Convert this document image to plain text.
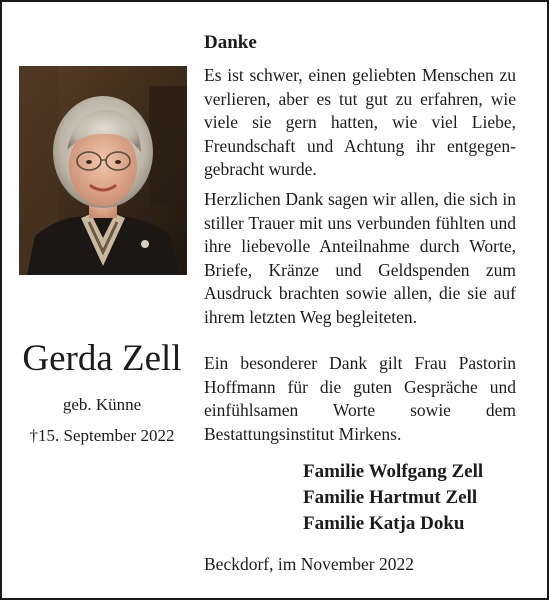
Gerda Zell
geb. Künne
†15. September 2022
Danke

Es ist schwer, einen geliebten Menschen zu verlieren, aber es tut gut zu erfahren, wie viele sie gern hatten, wie viel Liebe, Freundschaft und Achtung ihr entgegengebracht wurde.

Herzlichen Dank sagen wir allen, die sich in stiller Trauer mit uns verbunden fühlten und ihre liebevolle Anteilnahme durch Worte, Briefe, Kränze und Geldspenden zum Ausdruck brachten sowie allen, die sie auf ihrem letzten Weg begleiteten.

Ein besonderer Dank gilt Frau Pastorin Hoffmann für die guten Gespräche und einfühlsamen Worte sowie dem Bestattungsinstitut Mirkens.

Familie Wolfgang Zell
Familie Hartmut Zell
Familie Katja Doku
Beckdorf, im November 2022
